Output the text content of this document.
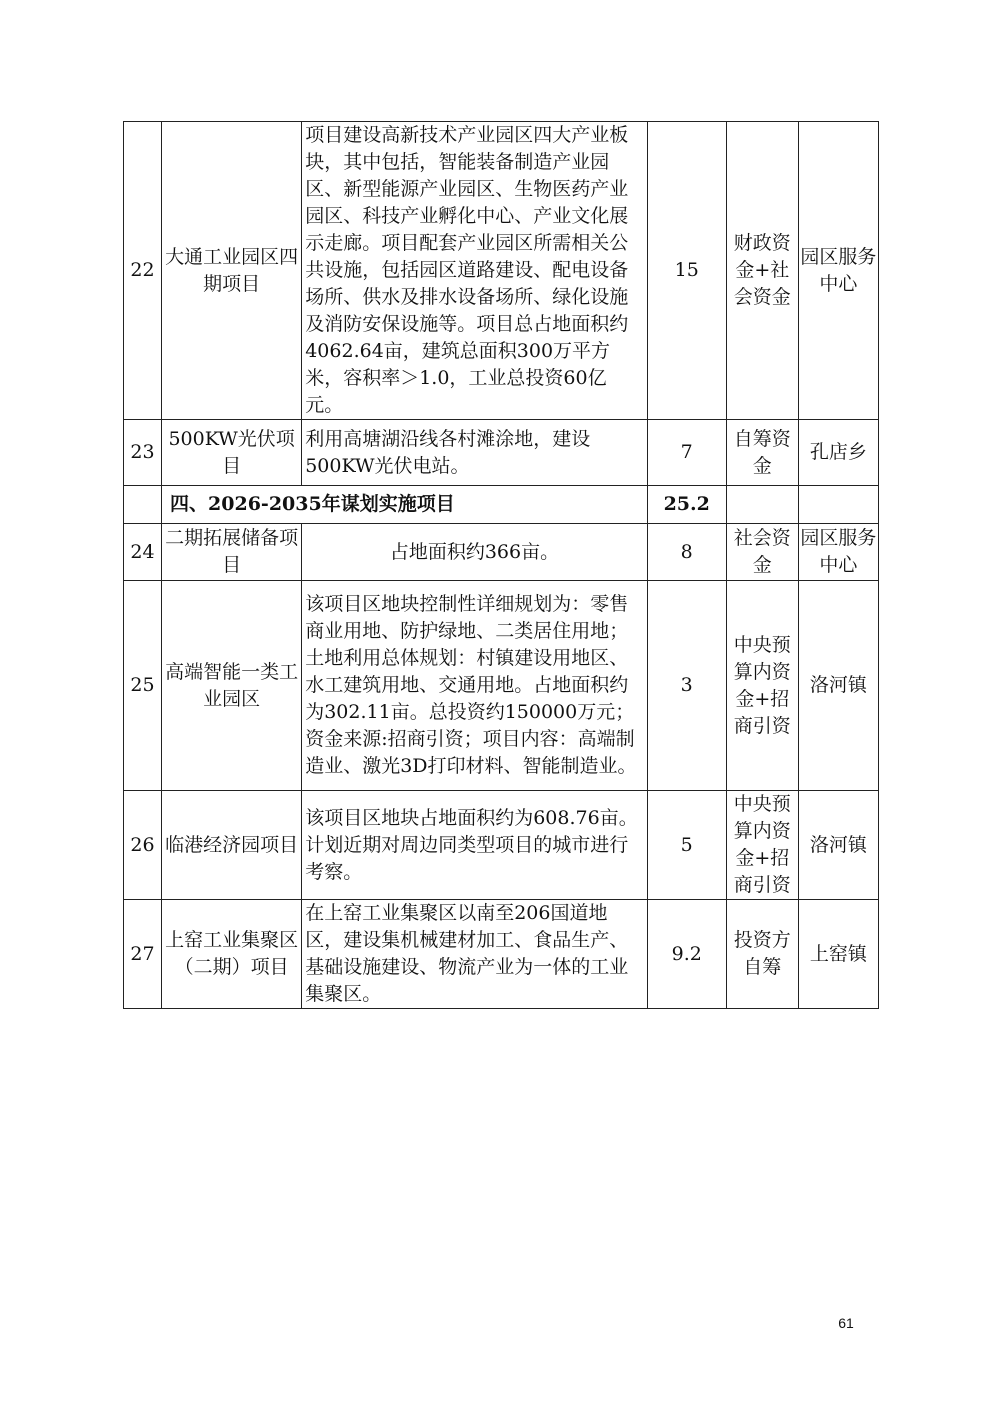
22	大通工业园区四期项目	项目建设高新技术产业园区四大产业板块，其中包括，智能装备制造产业园区、新型能源产业园区、生物医药产业园区、科技产业孵化中心、产业文化展示走廊。项目配套产业园区所需相关公共设施，包括园区道路建设、配电设备场所、供水及排水设备场所、绿化设施及消防安保设施等。项目总占地面积约4062.64亩，建筑总面积300万平方米，容积率＞1.0，工业总投资60亿元。	15	财政资金+社会资金	园区服务中心
23	500KW光伏项目	利用高塘湖沿线各村滩涂地，建设500KW光伏电站。	7	自筹资金	孔店乡
	四、2026-2035年谋划实施项目		25.2		
24	二期拓展储备项目	占地面积约366亩。	8	社会资金	园区服务中心
25	高端智能一类工业园区	该项目区地块控制性详细规划为：零售商业用地、防护绿地、二类居住用地；土地利用总体规划：村镇建设用地区、水工建筑用地、交通用地。占地面积约为302.11亩。总投资约150000万元；资金来源:招商引资；项目内容：高端制造业、激光3D打印材料、智能制造业。	3	中央预算内资金+招商引资	洛河镇
26	临港经济园项目	该项目区地块占地面积约为608.76亩。计划近期对周边同类型项目的城市进行考察。	5	中央预算内资金+招商引资	洛河镇
27	上窑工业集聚区（二期）项目	在上窑工业集聚区以南至206国道地区，建设集机械建材加工、食品生产、基础设施建设、物流产业为一体的工业集聚区。	9.2	投资方自筹	上窑镇
61
